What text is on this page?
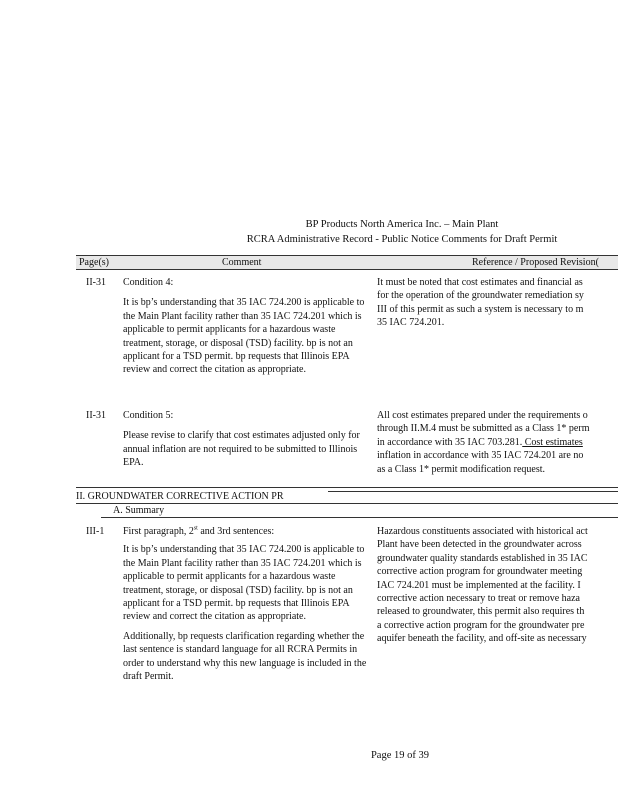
BP Products North America Inc. – Main Plant
RCRA Administrative Record - Public Notice Comments for Draft Permit
Page(s)	Comment	Reference / Proposed Revision(
II-31 Condition 4:

It is bp’s understanding that 35 IAC 724.200 is applicable to the Main Plant facility rather than 35 IAC 724.201 which is applicable to permit applicants for a hazardous waste treatment, storage, or disposal (TSD) facility. bp is not an applicant for a TSD permit. bp requests that Illinois EPA review and correct the citation as appropriate.

It must be noted that cost estimates and financial as
for the operation of the groundwater remediation sy
III of this permit as such a system is necessary to m
35 IAC 724.201.
II-31 Condition 5:

Please revise to clarify that cost estimates adjusted only for annual inflation are not required to be submitted to Illinois EPA.

All cost estimates prepared under the requirements o
through II.M.4 must be submitted as a Class 1* perm
in accordance with 35 IAC 703.281. Cost estimates
inflation in accordance with 35 IAC 724.201 are no
as a Class 1* permit modification request.
II. GROUNDWATER CORRECTIVE ACTION PR
A. Summary
III-1 First paragraph, 2st and 3rd sentences:

It is bp’s understanding that 35 IAC 724.200 is applicable to the Main Plant facility rather than 35 IAC 724.201 which is applicable to permit applicants for a hazardous waste treatment, storage, or disposal (TSD) facility. bp is not an applicant for a TSD permit. bp requests that Illinois EPA review and correct the citation as appropriate.

Additionally, bp requests clarification regarding whether the last sentence is standard language for all RCRA Permits in order to understand why this new language is included in the draft Permit.

Hazardous constituents associated with historical act
Plant have been detected in the groundwater across
groundwater quality standards established in 35 IAC
corrective action program for groundwater meeting
IAC 724.201 must be implemented at the facility. I
corrective action necessary to treat or remove haza
released to groundwater, this permit also requires th
a corrective action program for the groundwater pre
aquifer beneath the facility, and off-site as necessary
Page 19 of 39
